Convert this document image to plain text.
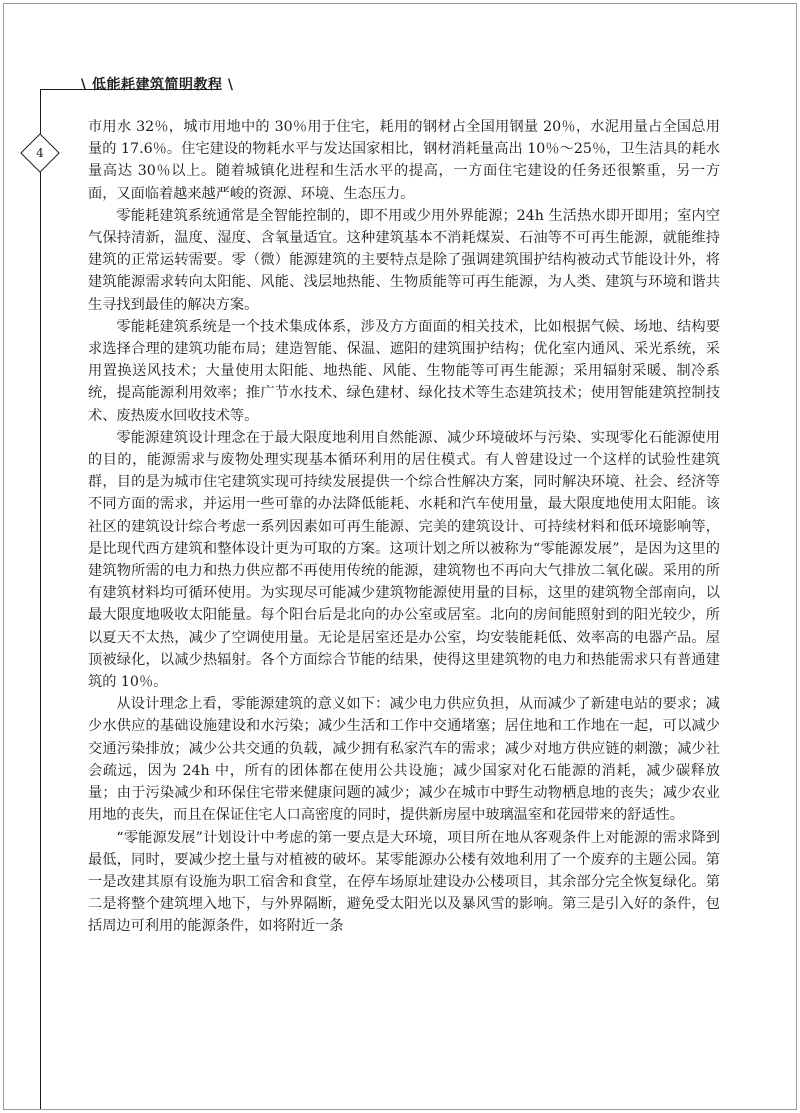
\ 低能耗建筑简明教程 \
4

市用水 32％，城市用地中的 30％用于住宅，耗用的钢材占全国用钢量 20％，水泥用量占全国总用量的 17.6％。住宅建设的物耗水平与发达国家相比，钢材消耗量高出 10％～25％，卫生洁具的耗水量高达 30％以上。随着城镇化进程和生活水平的提高，一方面住宅建设的任务还很繁重，另一方面，又面临着越来越严峻的资源、环境、生态压力。

零能耗建筑系统通常是全智能控制的，即不用或少用外界能源；24h 生活热水即开即用；室内空气保持清新，温度、湿度、含氧量适宜。这种建筑基本不消耗煤炭、石油等不可再生能源，就能维持建筑的正常运转需要。零（微）能源建筑的主要特点是除了强调建筑围护结构被动式节能设计外，将建筑能源需求转向太阳能、风能、浅层地热能、生物质能等可再生能源，为人类、建筑与环境和谐共生寻找到最佳的解决方案。

零能耗建筑系统是一个技术集成体系，涉及方方面面的相关技术，比如根据气候、场地、结构要求选择合理的建筑功能布局；建造智能、保温、遮阳的建筑围护结构；优化室内通风、采光系统，采用置换送风技术；大量使用太阳能、地热能、风能、生物能等可再生能源；采用辐射采暖、制冷系统，提高能源利用效率；推广节水技术、绿色建材、绿化技术等生态建筑技术；使用智能建筑控制技术、废热废水回收技术等。

零能源建筑设计理念在于最大限度地利用自然能源、减少环境破坏与污染、实现零化石能源使用的目的，能源需求与废物处理实现基本循环利用的居住模式。有人曾建设过一个这样的试验性建筑群，目的是为城市住宅建筑实现可持续发展提供一个综合性解决方案，同时解决环境、社会、经济等不同方面的需求，并运用一些可靠的办法降低能耗、水耗和汽车使用量，最大限度地使用太阳能。该社区的建筑设计综合考虑一系列因素如可再生能源、完美的建筑设计、可持续材料和低环境影响等，是比现代西方建筑和整体设计更为可取的方案。这项计划之所以被称为“零能源发展”，是因为这里的建筑物所需的电力和热力供应都不再使用传统的能源，建筑物也不再向大气排放二氧化碳。采用的所有建筑材料均可循环使用。为实现尽可能减少建筑物能源使用量的目标，这里的建筑物全部南向，以最大限度地吸收太阳能量。每个阳台后是北向的办公室或居室。北向的房间能照射到的阳光较少，所以夏天不太热，减少了空调使用量。无论是居室还是办公室，均安装能耗低、效率高的电器产品。屋顶被绿化，以减少热辐射。各个方面综合节能的结果，使得这里建筑物的电力和热能需求只有普通建筑的 10％。

从设计理念上看，零能源建筑的意义如下：减少电力供应负担，从而减少了新建电站的要求；减少水供应的基础设施建设和水污染；减少生活和工作中交通堵塞；居住地和工作地在一起，可以减少交通污染排放；减少公共交通的负载，减少拥有私家汽车的需求；减少对地方供应链的刺激；减少社会疏远，因为 24h 中，所有的团体都在使用公共设施；减少国家对化石能源的消耗，减少碳释放量；由于污染减少和环保住宅带来健康问题的减少；减少在城市中野生动物栖息地的丧失；减少农业用地的丧失，而且在保证住宅人口高密度的同时，提供新房屋中玻璃温室和花园带来的舒适性。

“零能源发展”计划设计中考虑的第一要点是大环境，项目所在地从客观条件上对能源的需求降到最低，同时，要减少挖土量与对植被的破坏。某零能源办公楼有效地利用了一个废弃的主题公园。第一是改建其原有设施为职工宿舍和食堂，在停车场原址建设办公楼项目，其余部分完全恢复绿化。第二是将整个建筑埋入地下，与外界隔断，避免受太阳光以及暴风雪的影响。第三是引入好的条件，包括周边可利用的能源条件，如将附近一条
